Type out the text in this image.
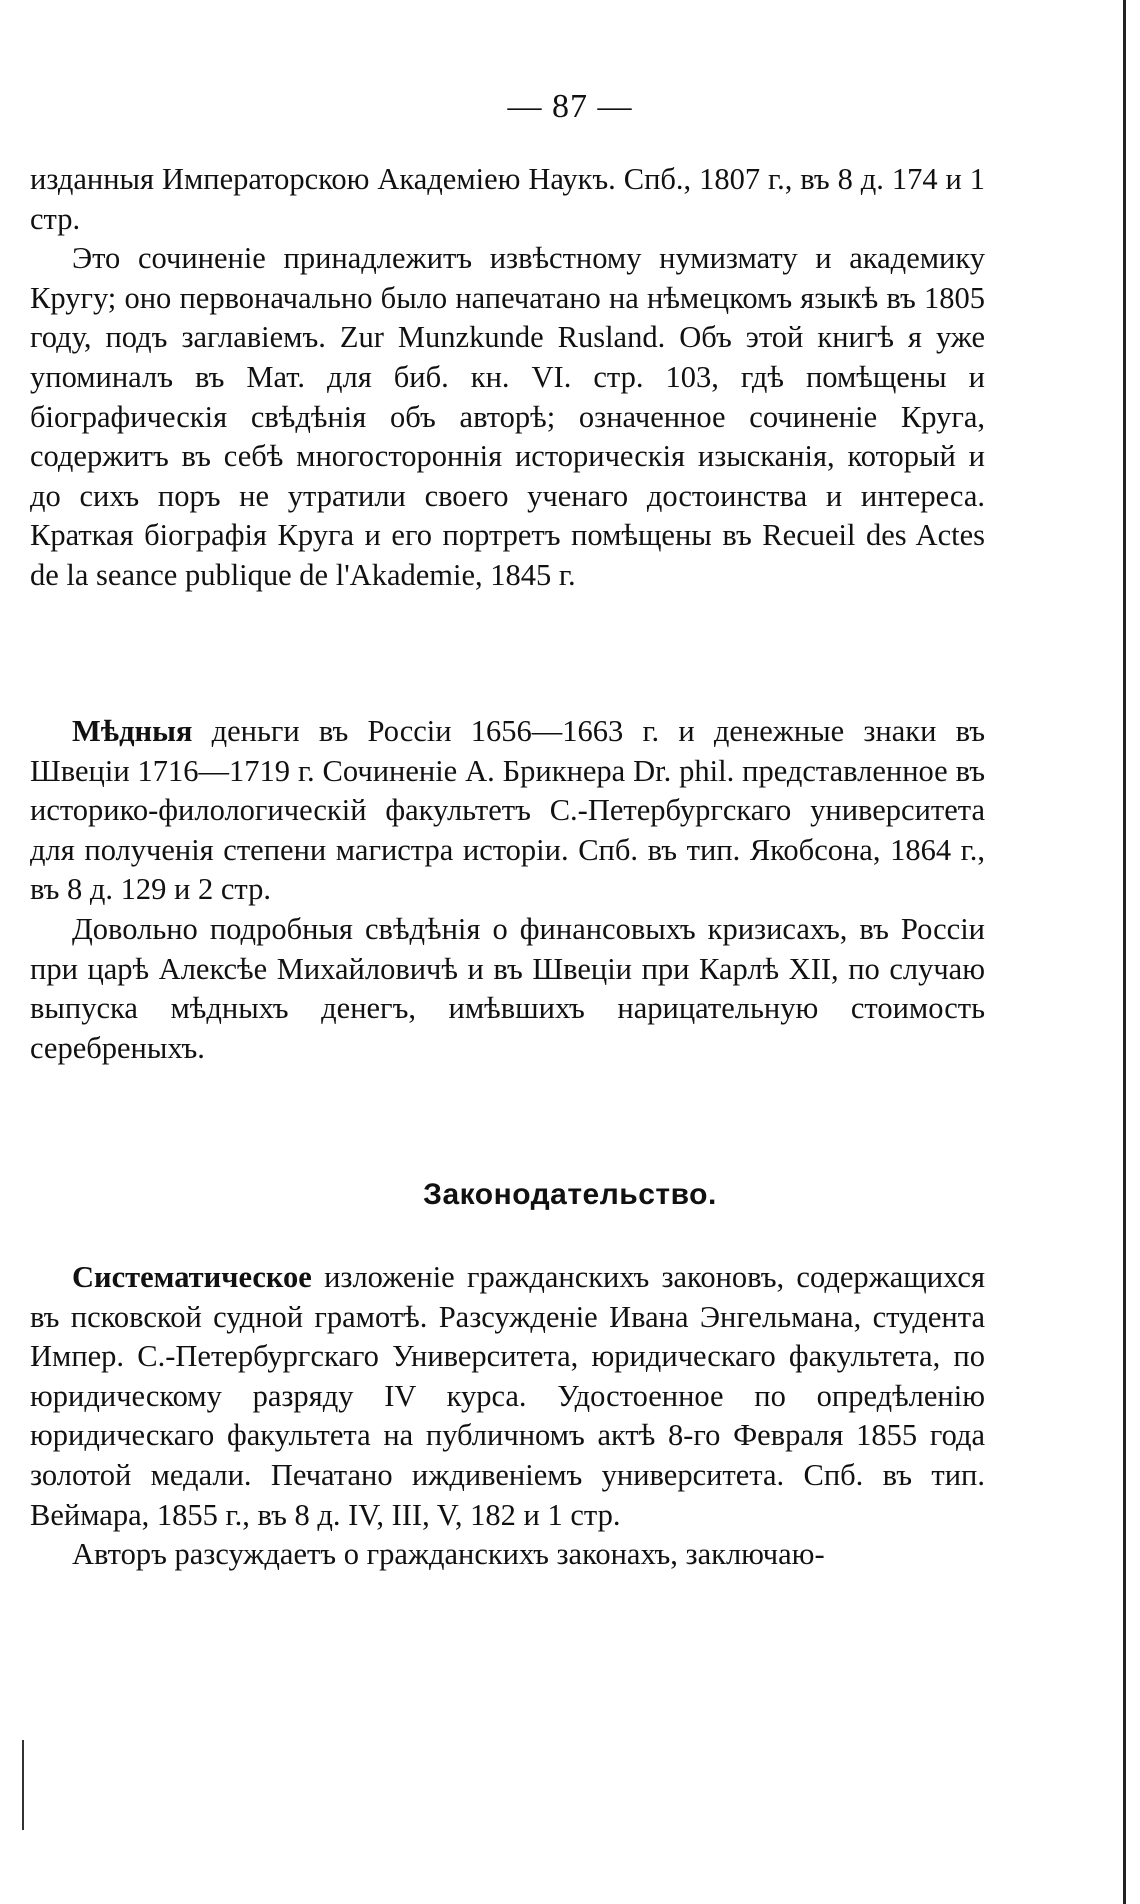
— 87 —

изданныя Императорскою Академіею Наукъ. Спб., 1807 г., въ 8 д. 174 и 1 стр.

Это сочиненіе принадлежитъ извѣстному нумизмату и академику Кругу; оно первоначально было напечатано на нѣмецкомъ языкѣ въ 1805 году, подъ заглавіемъ. Zur Munzkunde Rusland. Объ этой книгѣ я уже упоминалъ въ Мат. для биб. кн. VI. стр. 103, гдѣ помѣщены и біографическія свѣдѣнія объ авторѣ; означенное сочиненіе Круга, содержитъ въ себѣ многостороннія историческія изысканія, который и до сихъ поръ не утратили своего ученаго достоинства и интереса. Краткая біографія Круга и его портретъ помѣщены въ Recueil des Actes de la seance publique de l'Akademie, 1845 г.

Мѣдныя деньги въ Россіи 1656—1663 г. и денежные знаки въ Швеціи 1716—1719 г. Сочиненіе А. Брикнера Dr. phil. представленное въ историко-филологическій факультетъ С.-Петербургскаго университета для полученія степени магистра исторіи. Спб. въ тип. Якобсона, 1864 г., въ 8 д. 129 и 2 стр.

Довольно подробныя свѣдѣнія о финансовыхъ кризисахъ, въ Россіи при царѣ Алексѣе Михайловичѣ и въ Швеціи при Карлѣ XII, по случаю выпуска мѣдныхъ денегъ, имѣвшихъ нарицательную стоимость серебреныхъ.

Законодательство.

Систематическое изложеніе гражданскихъ законовъ, содержащихся въ псковской судной грамотѣ. Разсужденіе Ивана Энгельмана, студента Импер. С.-Петербургскаго Университета, юридическаго факультета, по юридическому разряду IV курса. Удостоенное по опредѣленію юридическаго факультета на публичномъ актѣ 8-го Февраля 1855 года золотой медали. Печатано иждивеніемъ университета. Спб. въ тип. Веймара, 1855 г., въ 8 д. IV, III, V, 182 и 1 стр.

Авторъ разсуждаетъ о гражданскихъ законахъ, заключаю-
